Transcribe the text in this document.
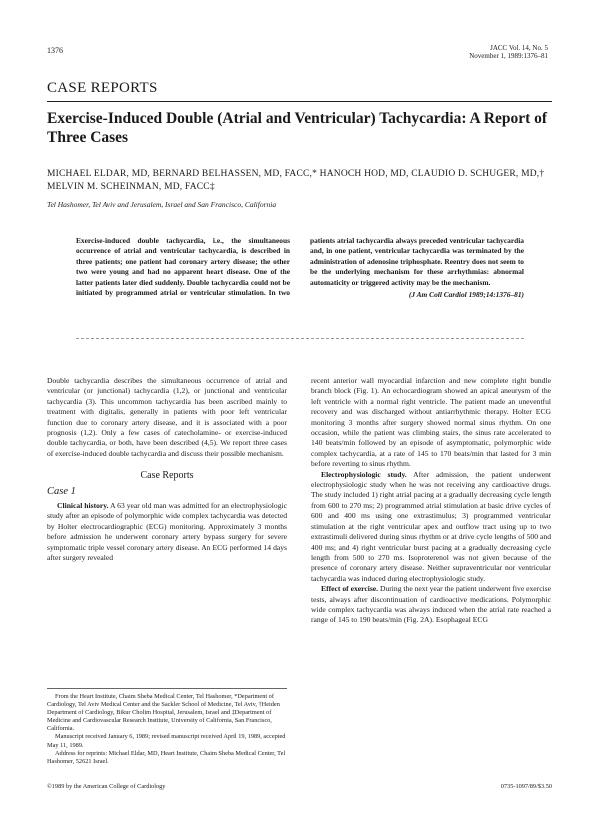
1376	JACC Vol. 14, No. 5
November 1, 1989:1376–81
CASE REPORTS
Exercise-Induced Double (Atrial and Ventricular) Tachycardia: A Report of Three Cases
MICHAEL ELDAR, MD, BERNARD BELHASSEN, MD, FACC,* HANOCH HOD, MD, CLAUDIO D. SCHUGER, MD,† MELVIN M. SCHEINMAN, MD, FACC‡
Tel Hashomer, Tel Aviv and Jerusalem, Israel and San Francisco, California
Exercise-induced double tachycardia, i.e., the simultaneous occurrence of atrial and ventricular tachycardia, is described in three patients; one patient had coronary artery disease; the other two were young and had no apparent heart disease. One of the latter patients later died suddenly. Double tachycardia could not be initiated by programmed atrial or ventricular stimulation. In two patients atrial tachycardia always preceded ventricular tachycardia and, in one patient, ventricular tachycardia was terminated by the administration of adenosine triphosphate. Reentry does not seem to be the underlying mechanism for these arrhythmias: abnormal automaticity or triggered activity may be the mechanism.
(J Am Coll Cardiol 1989;14:1376–81)

Double tachycardia describes the simultaneous occurrence of atrial and ventricular (or junctional) tachycardia (1,2), or junctional and ventricular tachycardia (3). This uncommon tachycardia has been ascribed mainly to treatment with digitalis, generally in patients with poor left ventricular function due to coronary artery disease, and it is associated with a poor prognosis (1,2). Only a few cases of catecholamine- or exercise-induced double tachycardia, or both, have been described (4,5). We report three cases of exercise-induced double tachycardia and discuss their possible mechanism.

Case Reports
Case 1

Clinical history. A 63 year old man was admitted for an electrophysiologic study after an episode of polymorphic wide complex tachycardia was detected by Holter electrocardiographic (ECG) monitoring. Approximately 3 months before admission he underwent coronary artery bypass surgery for severe symptomatic triple vessel coronary artery disease. An ECG performed 14 days after surgery revealed

From the Heart Institute, Chaim Sheba Medical Center, Tel Hashomer, *Department of Cardiology, Tel Aviv Medical Center and the Sackler School of Medicine, Tel Aviv, †Heiden Department of Cardiology, Bikur Cholim Hospital, Jerusalem, Israel and ‡Department of Medicine and Cardiovascular Research Institute, University of California, San Francisco, California.

Manuscript received January 6, 1989; revised manuscript received April 19, 1989, accepted May 11, 1989.

Address for reprints: Michael Eldar, MD, Heart Institute, Chaim Sheba Medical Center, Tel Hashomer, 52621 Israel.

recent anterior wall myocardial infarction and new complete right bundle branch block (Fig. 1). An echocardiogram showed an apical aneurysm of the left ventricle with a normal right ventricle. The patient made an uneventful recovery and was discharged without antiarrhythmic therapy. Holter ECG monitoring 3 months after surgery showed normal sinus rhythm. On one occasion, while the patient was climbing stairs, the sinus rate accelerated to 140 beats/min followed by an episode of asymptomatic, polymorphic wide complex tachycardia, at a rate of 145 to 170 beats/min that lasted for 3 min before reverting to sinus rhythm.

Electrophysiologic study. After admission, the patient underwent electrophysiologic study when he was not receiving any cardioactive drugs. The study included 1) right atrial pacing at a gradually decreasing cycle length from 600 to 270 ms; 2) programmed atrial stimulation at basic drive cycles of 600 and 400 ms using one extrastimulus; 3) programmed ventricular stimulation at the right ventricular apex and outflow tract using up to two extrastimuli delivered during sinus rhythm or at drive cycle lengths of 500 and 400 ms; and 4) right ventricular burst pacing at a gradually decreasing cycle length from 500 to 270 ms. Isoproterenol was not given because of the presence of coronary artery disease. Neither supraventricular nor ventricular tachycardia was induced during electrophysiologic study.

Effect of exercise. During the next year the patient underwent five exercise tests, always after discontinuation of cardioactive medications. Polymorphic wide complex tachycardia was always induced when the atrial rate reached a range of 145 to 190 beats/min (Fig. 2A). Esophageal ECG

©1989 by the American College of Cardiology	0735-1097/89/$3.50
